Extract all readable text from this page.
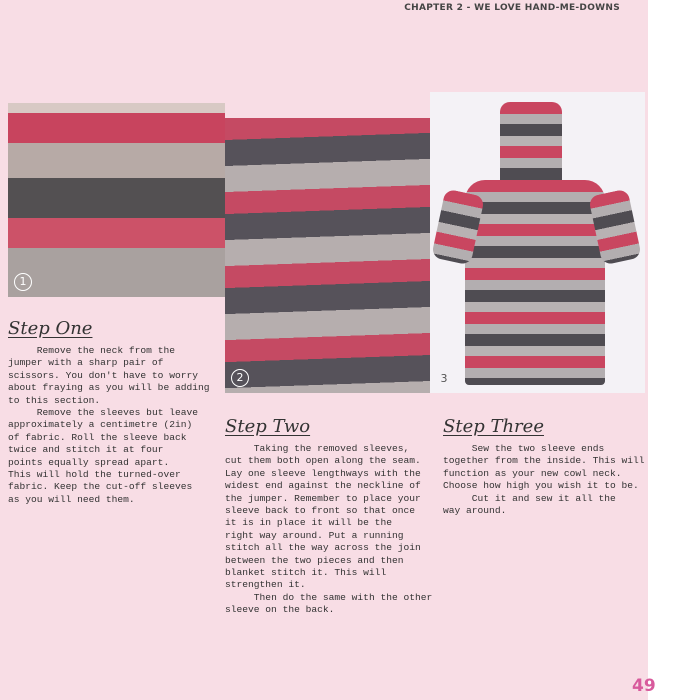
CHAPTER 2 - WE LOVE HAND-ME-DOWNS
1
2	3
Step One

Remove the neck from the
jumper with a sharp pair of
scissors. You don't have to worry
about fraying as you will be adding
to this section.

Remove the sleeves but leave
approximately a centimetre (2in)
of fabric. Roll the sleeve back
twice and stitch it at four
points equally spread apart.
This will hold the turned-over
fabric. Keep the cut-off sleeves
as you will need them.

Step Two

Taking the removed sleeves,
cut them both open along the seam.
Lay one sleeve lengthways with the
widest end against the neckline of
the jumper. Remember to place your
sleeve back to front so that once
it is in place it will be the
right way around. Put a running
stitch all the way across the join
between the two pieces and then
blanket stitch it. This will
strengthen it.

Then do the same with the other
sleeve on the back.

Step Three

Sew the two sleeve ends
together from the inside. This will
function as your new cowl neck.
Choose how high you wish it to be.

Cut it and sew it all the
way around.

49
